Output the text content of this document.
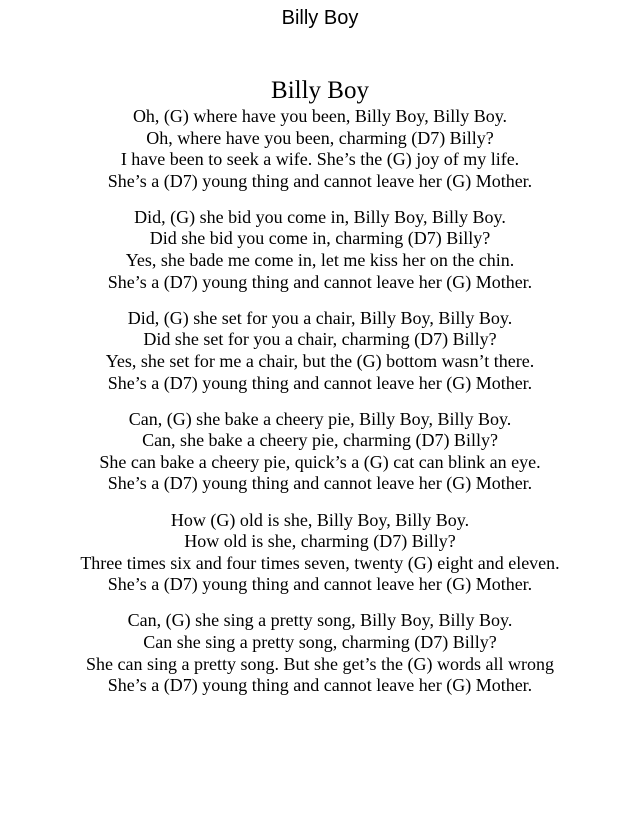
Billy Boy
Billy Boy
Oh, (G) where have you been, Billy Boy, Billy Boy.
Oh, where have you been, charming (D7) Billy?
I have been to seek a wife. She’s the (G) joy of my life.
She’s a (D7) young thing and cannot leave her (G) Mother.
Did, (G) she bid you come in, Billy Boy, Billy Boy.
Did she bid you come in, charming (D7) Billy?
Yes, she bade me come in, let me kiss her on the chin.
She’s a (D7) young thing and cannot leave her (G) Mother.
Did, (G) she set for you a chair, Billy Boy, Billy Boy.
Did she set for you a chair, charming (D7) Billy?
Yes, she set for me a chair, but the (G) bottom wasn’t there.
She’s a (D7) young thing and cannot leave her (G) Mother.
Can, (G) she bake a cheery pie, Billy Boy, Billy Boy.
Can, she bake a cheery pie, charming (D7) Billy?
She can bake a cheery pie, quick’s a (G) cat can blink an eye.
She’s a (D7) young thing and cannot leave her (G) Mother.
How (G) old is she, Billy Boy, Billy Boy.
How old is she, charming (D7) Billy?
Three times six and four times seven, twenty (G) eight and eleven.
She’s a (D7) young thing and cannot leave her (G) Mother.
Can, (G) she sing a pretty song, Billy Boy, Billy Boy.
Can she sing a pretty song, charming (D7) Billy?
She can sing a pretty song. But she get’s the (G) words all wrong
She’s a (D7) young thing and cannot leave her (G) Mother.
